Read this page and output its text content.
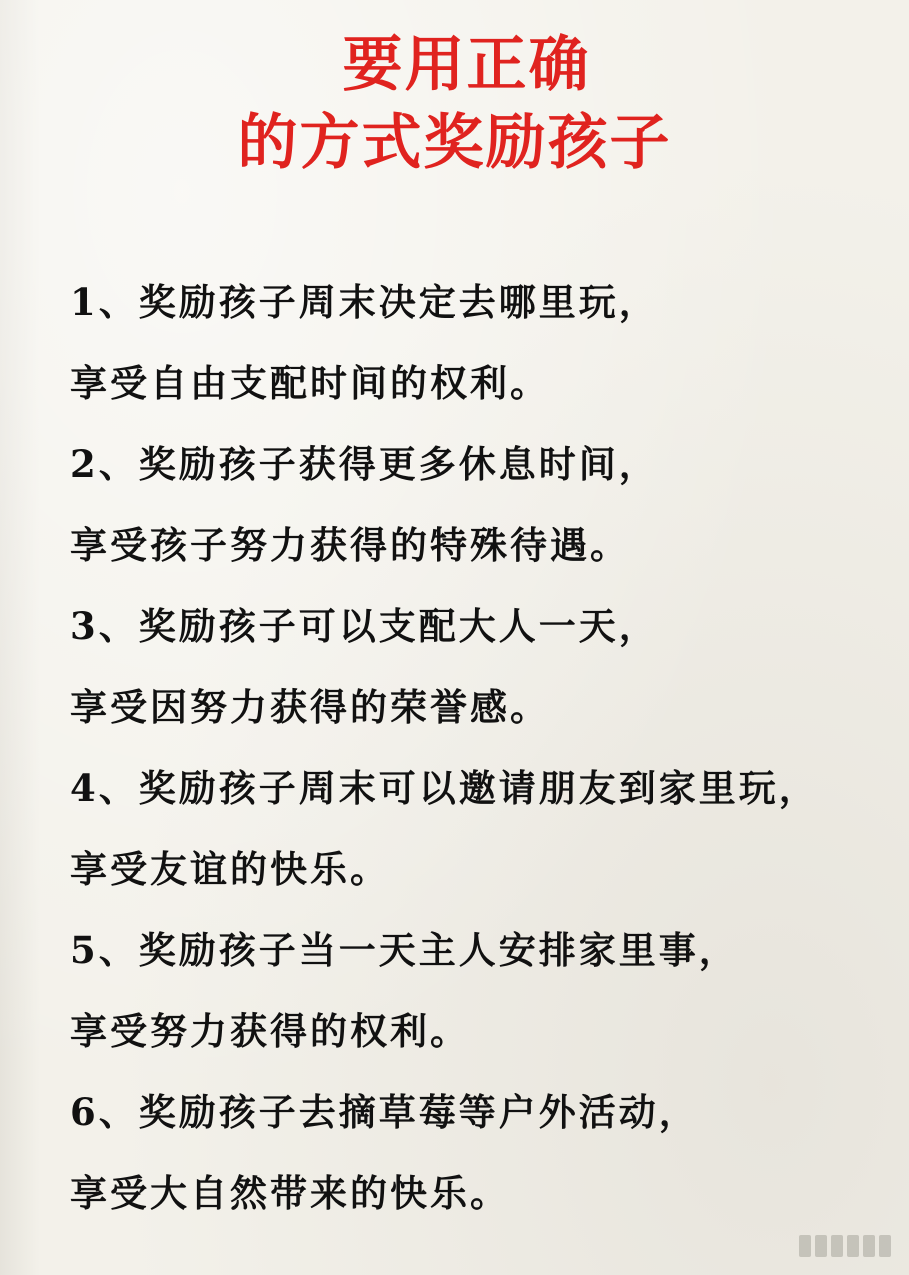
要用正确
的方式奖励孩子
1、奖励孩子周末决定去哪里玩，
享受自由支配时间的权利。
2、奖励孩子获得更多休息时间，
享受孩子努力获得的特殊待遇。
3、奖励孩子可以支配大人一天，
享受因努力获得的荣誉感。
4、奖励孩子周末可以邀请朋友到家里玩，
享受友谊的快乐。
5、奖励孩子当一天主人安排家里事，
享受努力获得的权利。
6、奖励孩子去摘草莓等户外活动，
享受大自然带来的快乐。
